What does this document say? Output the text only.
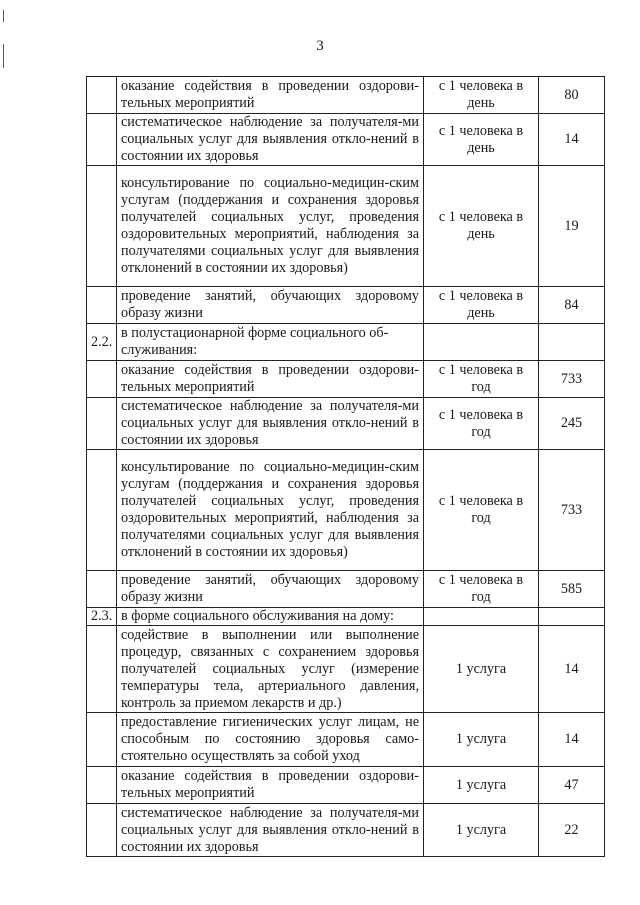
3
	оказание содействия в проведении оздорови-тельных мероприятий	с 1 человека в день	80
	систематическое наблюдение за получателя-ми социальных услуг для выявления откло-нений в состоянии их здоровья	с 1 человека в день	14
	консультирование по социально-медицин-ским услугам (поддержания и сохранения здоровья получателей социальных услуг, проведения оздоровительных мероприятий, наблюдения за получателями социальных услуг для выявления отклонений в состоянии их здоровья)	с 1 человека в день	19
	проведение занятий, обучающих здоровому образу жизни	с 1 человека в день	84
2.2.	в полустационарной форме социального об-служивания:		
	оказание содействия в проведении оздорови-тельных мероприятий	с 1 человека в год	733
	систематическое наблюдение за получателя-ми социальных услуг для выявления откло-нений в состоянии их здоровья	с 1 человека в год	245
	консультирование по социально-медицин-ским услугам (поддержания и сохранения здоровья получателей социальных услуг, проведения оздоровительных мероприятий, наблюдения за получателями социальных услуг для выявления отклонений в состоянии их здоровья)	с 1 человека в год	733
	проведение занятий, обучающих здоровому образу жизни	с 1 человека в год	585
2.3.	в форме социального обслуживания на дому:		
	содействие в выполнении или выполнение процедур, связанных с сохранением здоровья получателей социальных услуг (измерение температуры тела, артериального давления, контроль за приемом лекарств и др.)	1 услуга	14
	предоставление гигиенических услуг лицам, не способным по состоянию здоровья само-стоятельно осуществлять за собой уход	1 услуга	14
	оказание содействия в проведении оздорови-тельных мероприятий	1 услуга	47
	систематическое наблюдение за получателя-ми социальных услуг для выявления откло-нений в состоянии их здоровья	1 услуга	22
